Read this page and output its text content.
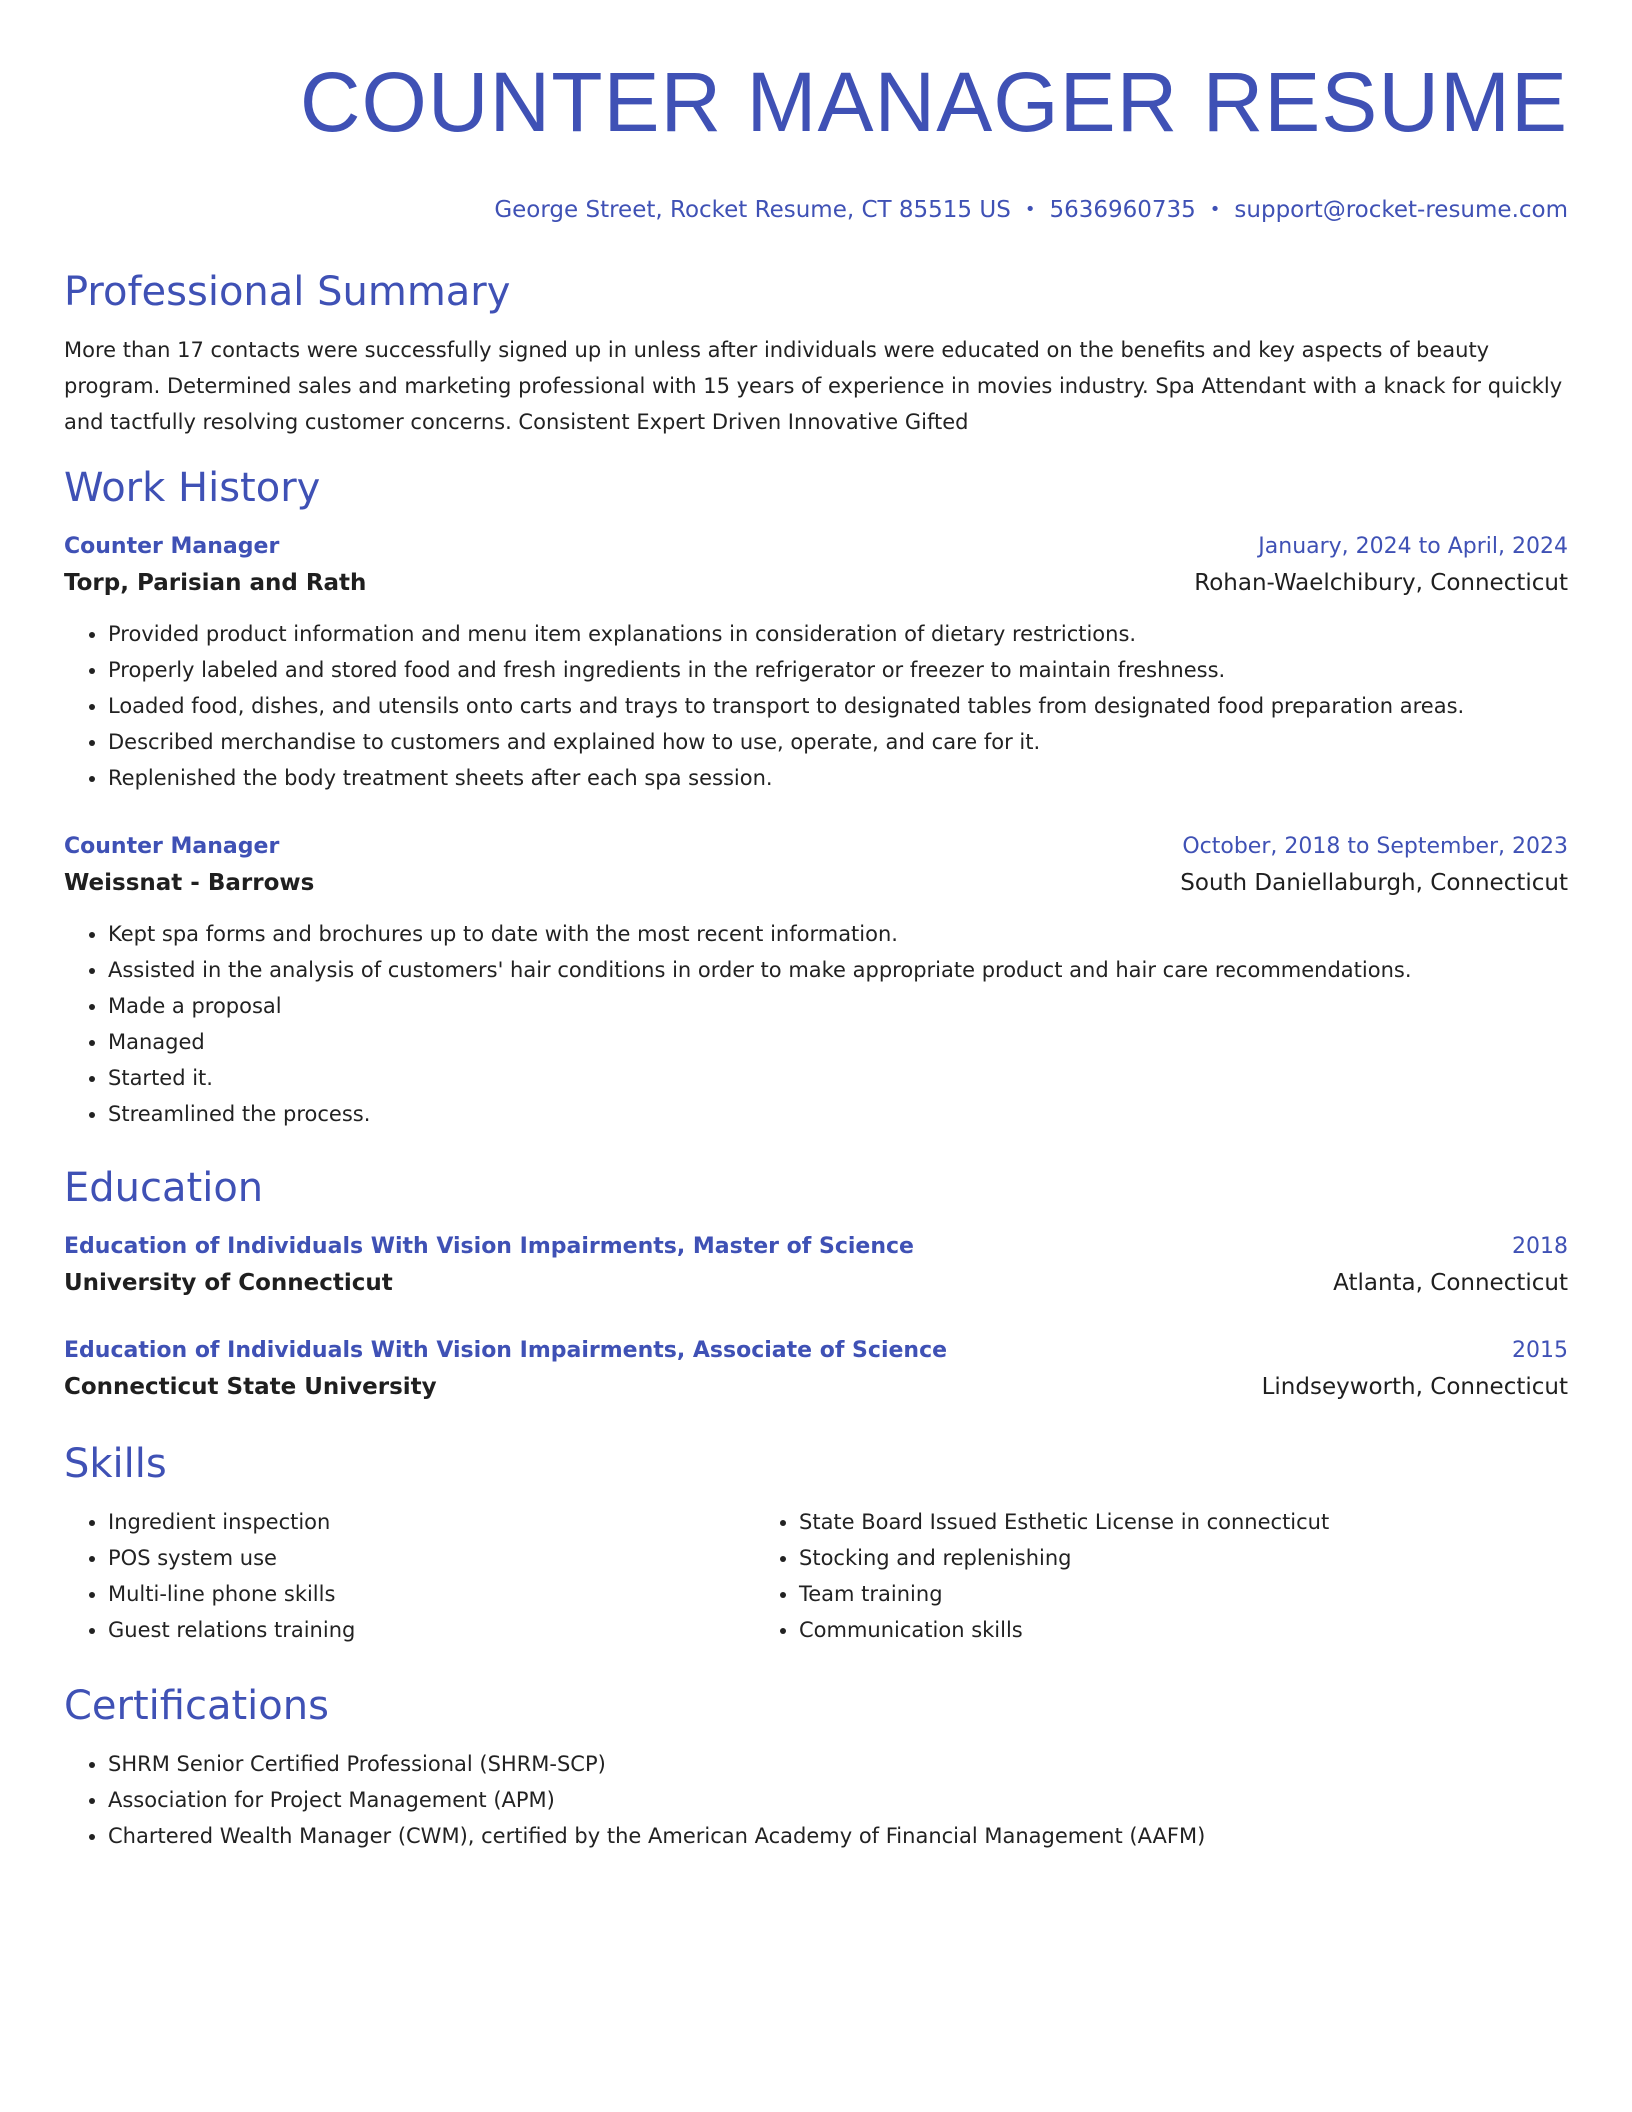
COUNTER MANAGER RESUME
George Street, Rocket Resume, CT 85515 US • 5636960735 • support@rocket-resume.com
Professional Summary

More than 17 contacts were successfully signed up in unless after individuals were educated on the benefits and key aspects of beauty program. Determined sales and marketing professional with 15 years of experience in movies industry. Spa Attendant with a knack for quickly and tactfully resolving customer concerns. Consistent Expert Driven Innovative Gifted

Work History
Counter Manager	January, 2024 to April, 2024
Torp, Parisian and Rath	Rohan-Waelchibury, Connecticut
• Provided product information and menu item explanations in consideration of dietary restrictions.
• Properly labeled and stored food and fresh ingredients in the refrigerator or freezer to maintain freshness.
• Loaded food, dishes, and utensils onto carts and trays to transport to designated tables from designated food preparation areas.
• Described merchandise to customers and explained how to use, operate, and care for it.
• Replenished the body treatment sheets after each spa session.
Counter Manager	October, 2018 to September, 2023
Weissnat - Barrows	South Daniellaburgh, Connecticut
• Kept spa forms and brochures up to date with the most recent information.
• Assisted in the analysis of customers' hair conditions in order to make appropriate product and hair care recommendations.
• Made a proposal
• Managed
• Started it.
• Streamlined the process.
Education
Education of Individuals With Vision Impairments, Master of Science	2018
University of Connecticut	Atlanta, Connecticut
Education of Individuals With Vision Impairments, Associate of Science	2015
Connecticut State University	Lindseyworth, Connecticut
Skills
• Ingredient inspection
• POS system use
• Multi-line phone skills
• Guest relations training
• State Board Issued Esthetic License in connecticut
• Stocking and replenishing
• Team training
• Communication skills
Certifications
• SHRM Senior Certified Professional (SHRM-SCP)
• Association for Project Management (APM)
• Chartered Wealth Manager (CWM), certified by the American Academy of Financial Management (AAFM)
